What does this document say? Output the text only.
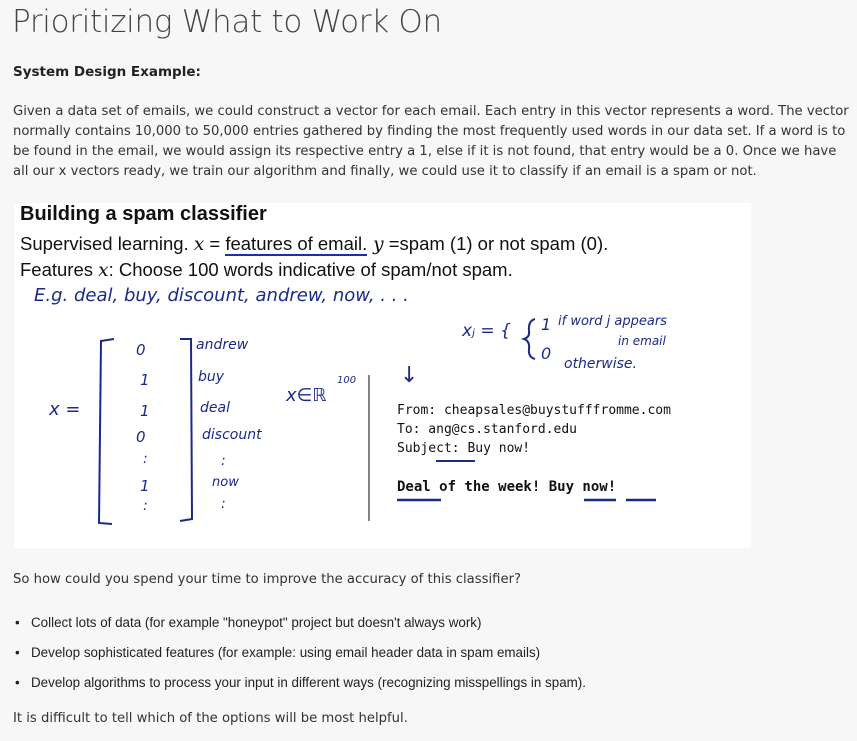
Prioritizing What to Work On
System Design Example:

Given a data set of emails, we could construct a vector for each email. Each entry in this vector represents a word. The vector normally contains 10,000 to 50,000 entries gathered by finding the most frequently used words in our data set. If a word is to be found in the email, we would assign its respective entry a 1, else if it is not found, that entry would be a 0. Once we have all our x vectors ready, we train our algorithm and finally, we could use it to classify if an email is a spam or not.

Building a spam classifier

Supervised learning. x = features of email. y =spam (1) or not spam (0).

Features x: Choose 100 words indicative of spam/not spam.

E.g. deal, buy, discount, andrew, now, . . .
x =
0
1
1
0
:
1
:
andrew
buy
deal
discount
:
now
:
x∈ℝ
100 ↓
xⱼ = { 1
0
if word j appears
in email
otherwise.

From: cheapsales@buystufffromme.com

To: ang@cs.stanford.edu

Subject: Buy now!

Deal of the week! Buy now!

So how could you spend your time to improve the accuracy of this classifier?

• Collect lots of data (for example "honeypot" project but doesn't always work)
• Develop sophisticated features (for example: using email header data in spam emails)
• Develop algorithms to process your input in different ways (recognizing misspellings in spam).

It is difficult to tell which of the options will be most helpful.
